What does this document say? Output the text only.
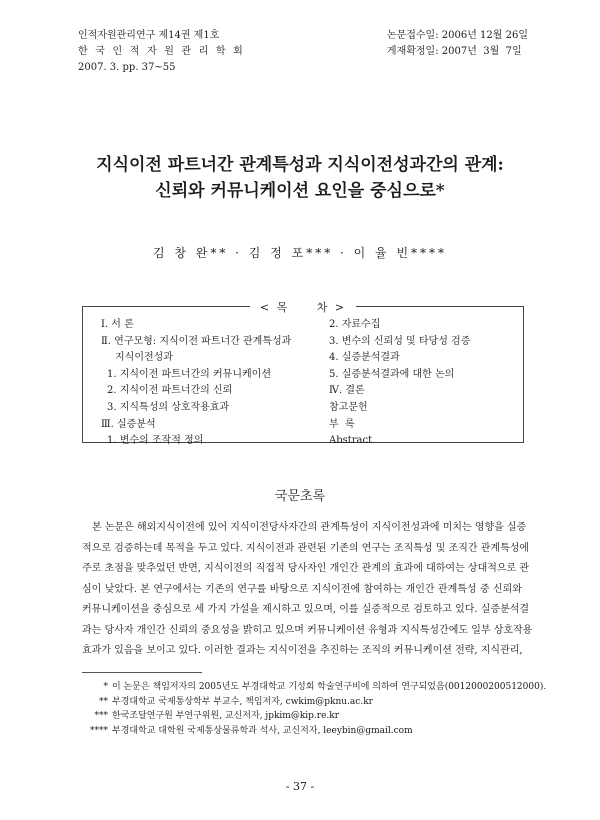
인적자원관리연구 제14권 제1호
한 국 인 적 자 원 관 리 학 회
2007. 3. pp. 37~55
논문접수일: 2006년 12월 26일
게재확정일: 2007년  3월  7일
지식이전 파트너간 관계특성과 지식이전성과간의 관계:
신뢰와 커뮤니케이션 요인을 중심으로*
김 창 완** · 김 정 포*** · 이 율 빈****
< 목     차 >
Ⅰ. 서 론
Ⅱ. 연구모형: 지식이전 파트너간 관계특성과
지식이전성과
1. 지식이전 파트너간의 커뮤니케이션
2. 지식이전 파트너간의 신뢰
3. 지식특성의 상호작용효과
Ⅲ. 실증분석
1. 변수의 조작적 정의
2. 자료수집
3. 변수의 신뢰성 및 타당성 검증
4. 실증분석결과
5. 실증분석결과에 대한 논의
Ⅳ. 결론
참고문헌
부  록
Abstract
국문초록
본 논문은 해외지식이전에 있어 지식이전당사자간의 관계특성이 지식이전성과에 미치는 영향을 실증
적으로 검증하는데 목적을 두고 있다. 지식이전과 관련된 기존의 연구는 조직특성 및 조직간 관계특성에
주로 초점을 맞추었던 반면, 지식이전의 직접적 당사자인 개인간 관계의 효과에 대하여는 상대적으로 관
심이 낮았다. 본 연구에서는 기존의 연구를 바탕으로 지식이전에 참여하는 개인간 관계특성 중 신뢰와
커뮤니케이션을 중심으로 세 가지 가설을 제시하고 있으며, 이를 실증적으로 검토하고 있다. 실증분석결
과는 당사자 개인간 신뢰의 중요성을 밝히고 있으며 커뮤니케이션 유형과 지식특성간에도 일부 상호작용
효과가 있음을 보이고 있다. 이러한 결과는 지식이전을 추진하는 조직의 커뮤니케이션 전략, 지식관리,
* 이 논문은 책임저자의 2005년도 부경대학교 기성회 학술연구비에 의하여 연구되었음(0012000200512000).
** 부경대학교 국제통상학부 부교수, 책임저자, cwkim@pknu.ac.kr
*** 한국조달연구원 부연구위원, 교신저자, jpkim@kip.re.kr
**** 부경대학교 대학원 국제통상물류학과 석사, 교신저자, leeybin@gmail.com
- 37 -
